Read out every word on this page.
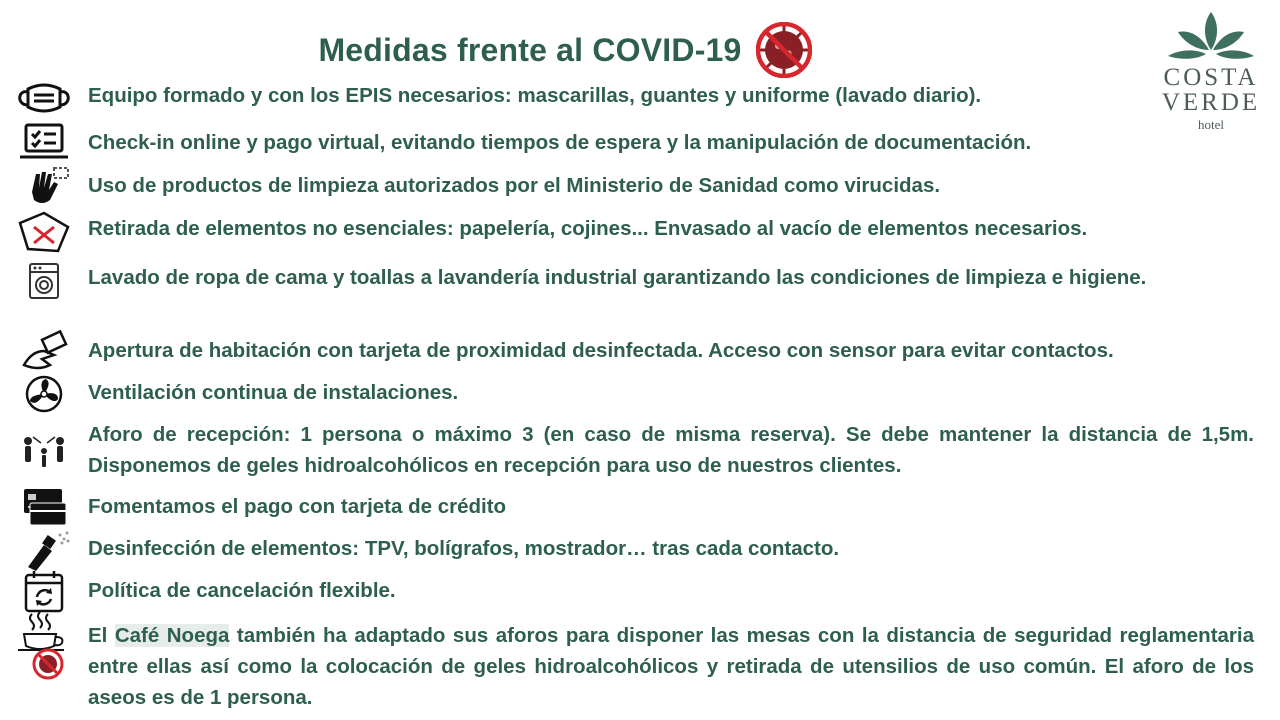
Medidas frente al COVID-19
COSTA
VERDE
hotel
Equipo formado y con los EPIS necesarios: mascarillas, guantes y uniforme (lavado diario).
Check-in online y pago virtual, evitando tiempos de espera y la manipulación de documentación.
Uso de productos de limpieza autorizados por el Ministerio de Sanidad como virucidas.
Retirada de elementos no esenciales: papelería, cojines... Envasado al vacío de elementos necesarios.
Lavado de ropa de cama y toallas a lavandería industrial garantizando las condiciones de limpieza e higiene.
Apertura de habitación con tarjeta de proximidad desinfectada. Acceso con sensor para evitar contactos.
Ventilación continua de instalaciones.
Aforo de recepción: 1 persona o máximo 3 (en caso de misma reserva). Se debe mantener la distancia de 1,5m. Disponemos de geles hidroalcohólicos en recepción para uso de nuestros clientes.
Fomentamos el pago con tarjeta de crédito
Desinfección de elementos: TPV, bolígrafos, mostrador… tras cada contacto.
Política de cancelación flexible.
El Café Noega también ha adaptado sus aforos para disponer las mesas con la distancia de seguridad reglamentaria entre ellas así como la colocación de geles hidroalcohólicos y retirada de utensilios de uso común. El aforo de los aseos es de 1 persona.
